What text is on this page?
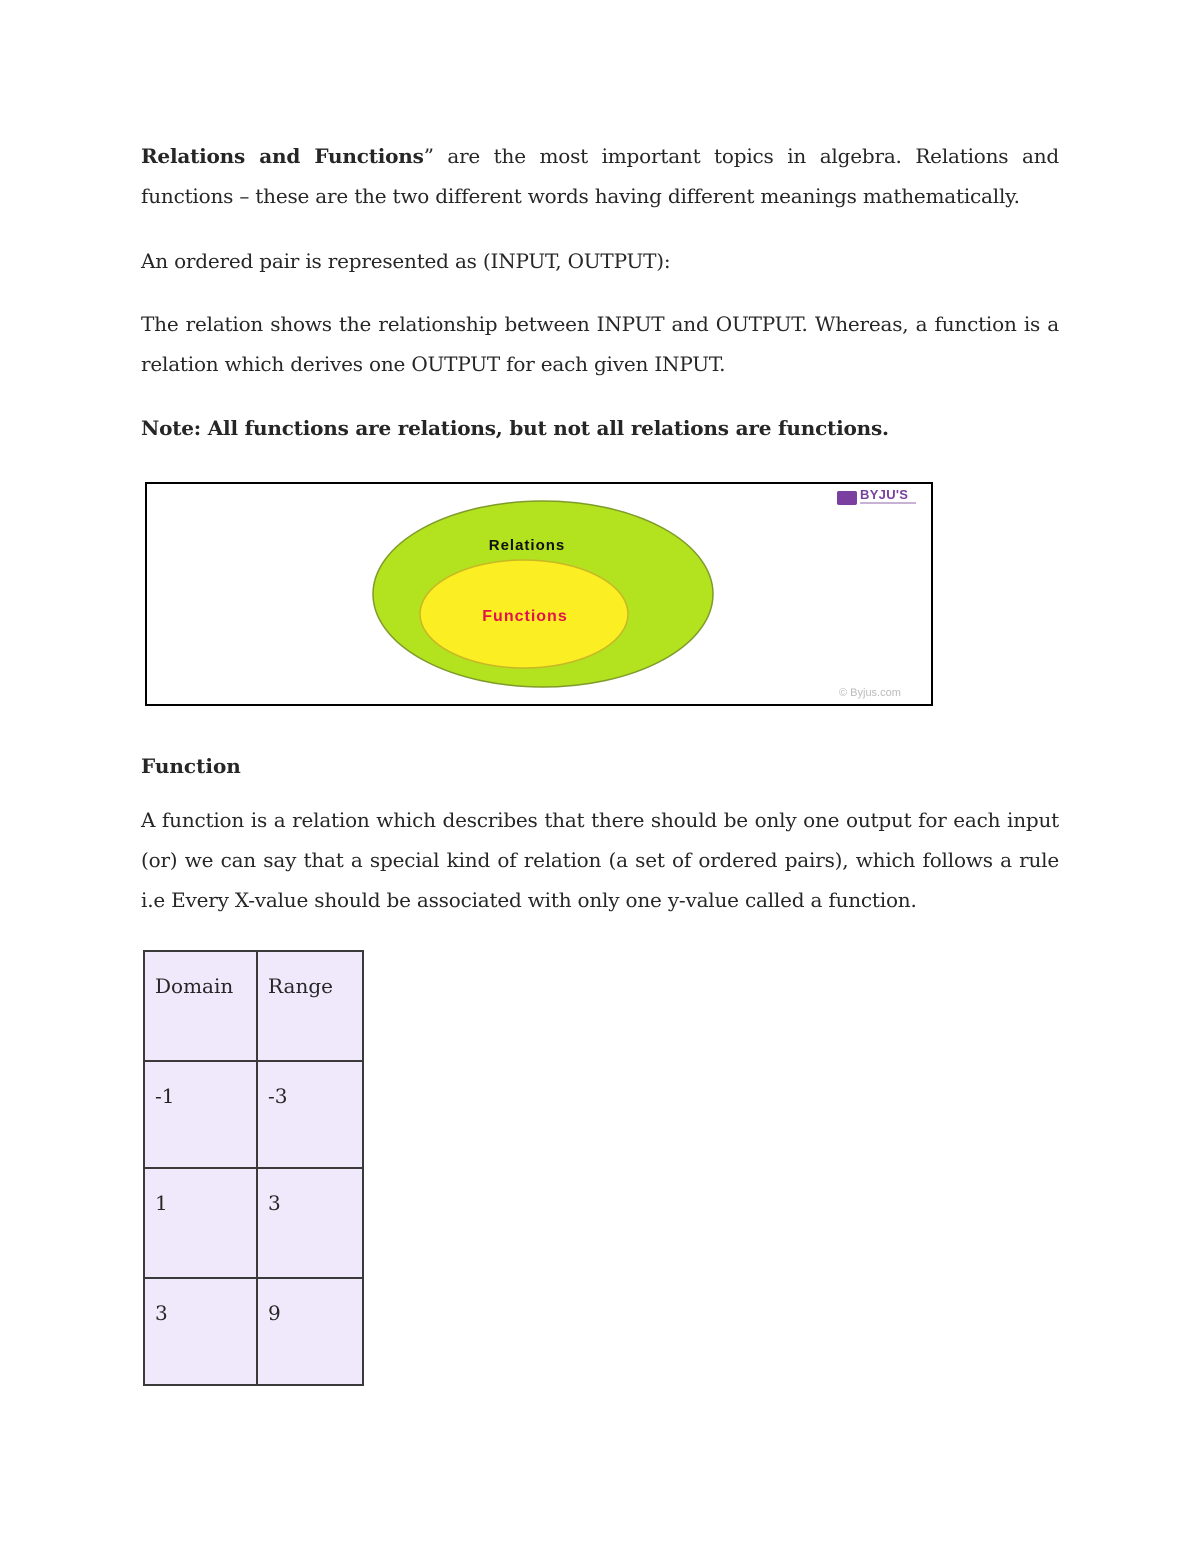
Relations and Functions” are the most important topics in algebra. Relations and functions – these are the two different words having different meanings mathematically.

An ordered pair is represented as (INPUT, OUTPUT):

The relation shows the relationship between INPUT and OUTPUT. Whereas, a function is a relation which derives one OUTPUT for each given INPUT.

Note: All functions are relations, but not all relations are functions.

Relations
Functions
BYJU'S
© Byjus.com

Function

A function is a relation which describes that there should be only one output for each input (or) we can say that a special kind of relation (a set of ordered pairs), which follows a rule i.e Every X-value should be associated with only one y-value called a function.

Domain	Range
-1	-3
1	3
3	9
